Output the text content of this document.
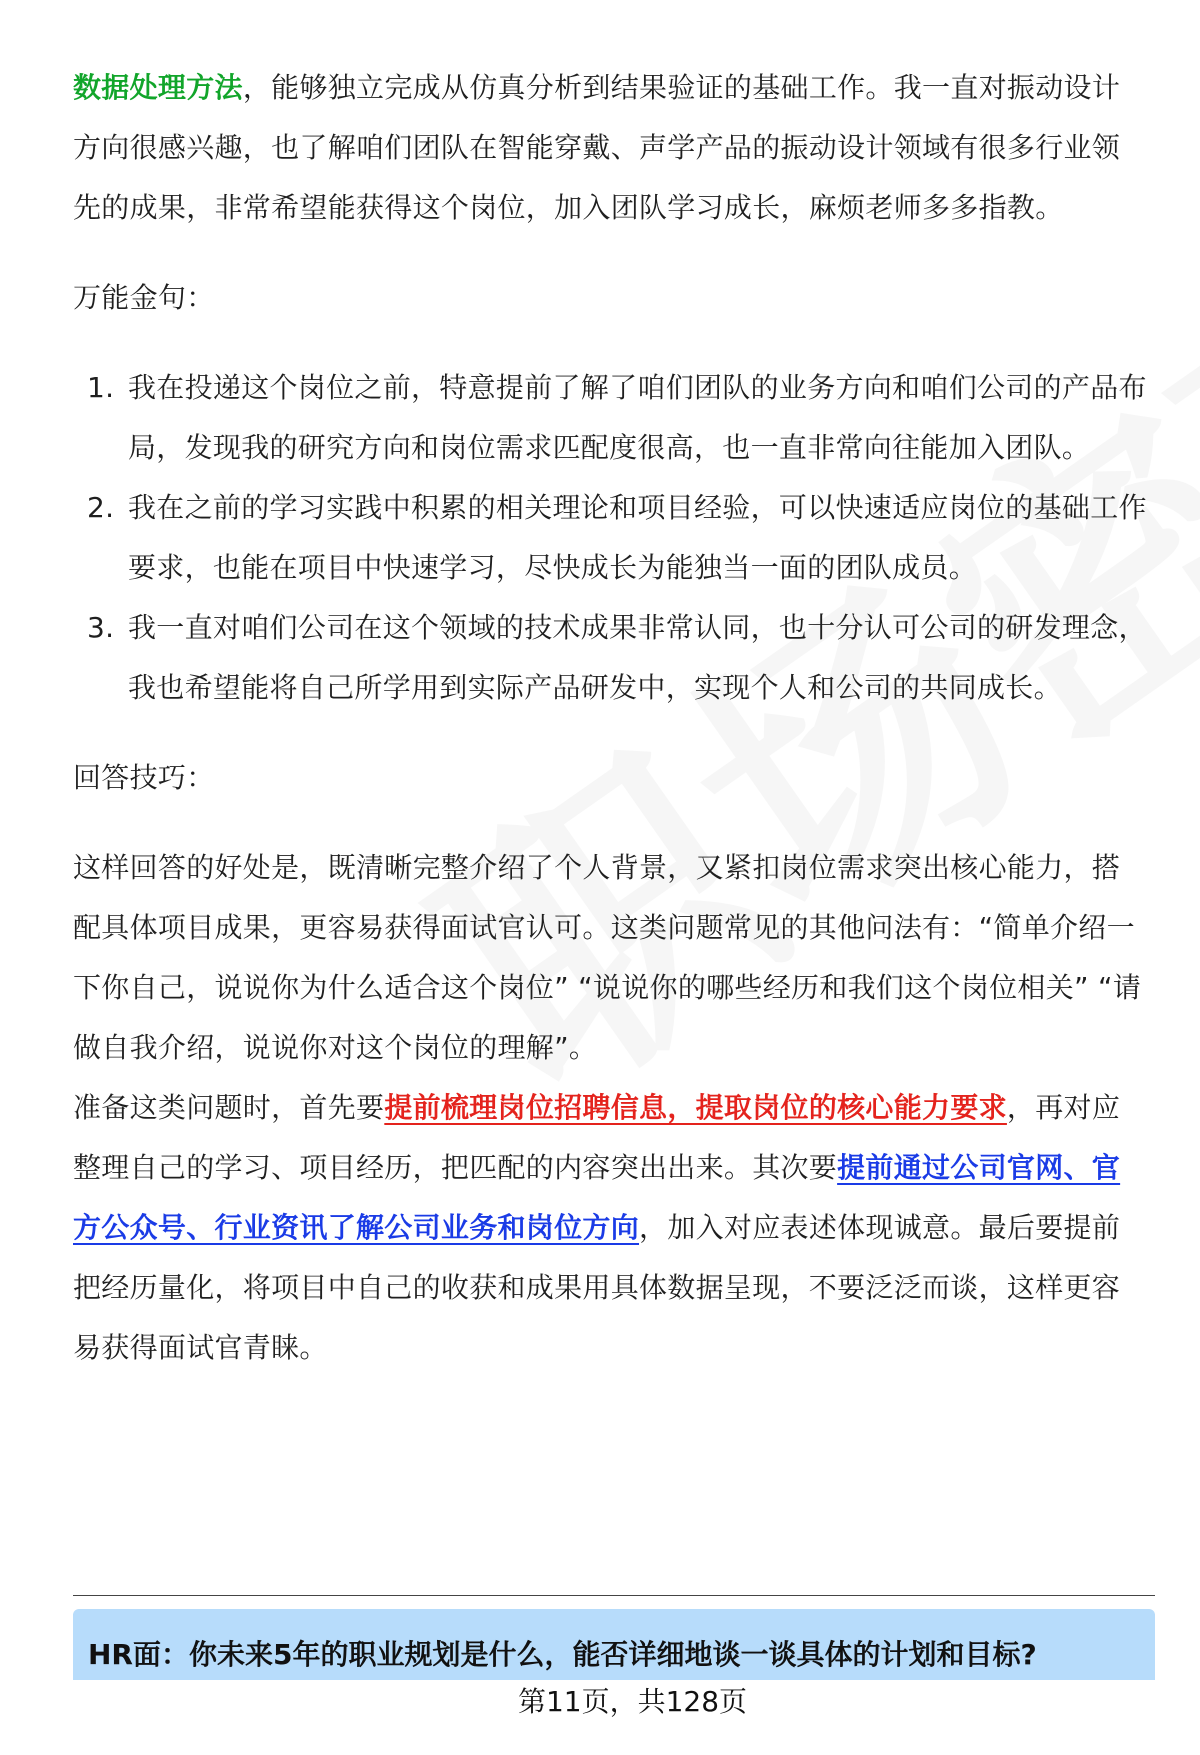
数据处理方法，能够独立完成从仿真分析到结果验证的基础工作。我一直对振动设计方向很感兴趣，也了解咱们团队在智能穿戴、声学产品的振动设计领域有很多行业领先的成果，非常希望能获得这个岗位，加入团队学习成长，麻烦老师多多指教。

万能金句：

1. 我在投递这个岗位之前，特意提前了解了咱们团队的业务方向和咱们公司的产品布局，发现我的研究方向和岗位需求匹配度很高，也一直非常向往能加入团队。
2. 我在之前的学习实践中积累的相关理论和项目经验，可以快速适应岗位的基础工作要求，也能在项目中快速学习，尽快成长为能独当一面的团队成员。
3. 我一直对咱们公司在这个领域的技术成果非常认同，也十分认可公司的研发理念，我也希望能将自己所学用到实际产品研发中，实现个人和公司的共同成长。

回答技巧：

这样回答的好处是，既清晰完整介绍了个人背景，又紧扣岗位需求突出核心能力，搭配具体项目成果，更容易获得面试官认可。这类问题常见的其他问法有：“简单介绍一下你自己，说说你为什么适合这个岗位” “说说你的哪些经历和我们这个岗位相关” “请做自我介绍，说说你对这个岗位的理解”。

准备这类问题时，首先要提前梳理岗位招聘信息，提取岗位的核心能力要求，再对应整理自己的学习、项目经历，把匹配的内容突出出来。其次要提前通过公司官网、官方公众号、行业资讯了解公司业务和岗位方向，加入对应表述体现诚意。最后要提前把经历量化，将项目中自己的收获和成果用具体数据呈现，不要泛泛而谈，这样更容易获得面试官青睐。

HR面：你未来5年的职业规划是什么，能否详细地谈一谈具体的计划和目标?
第11页，共128页
